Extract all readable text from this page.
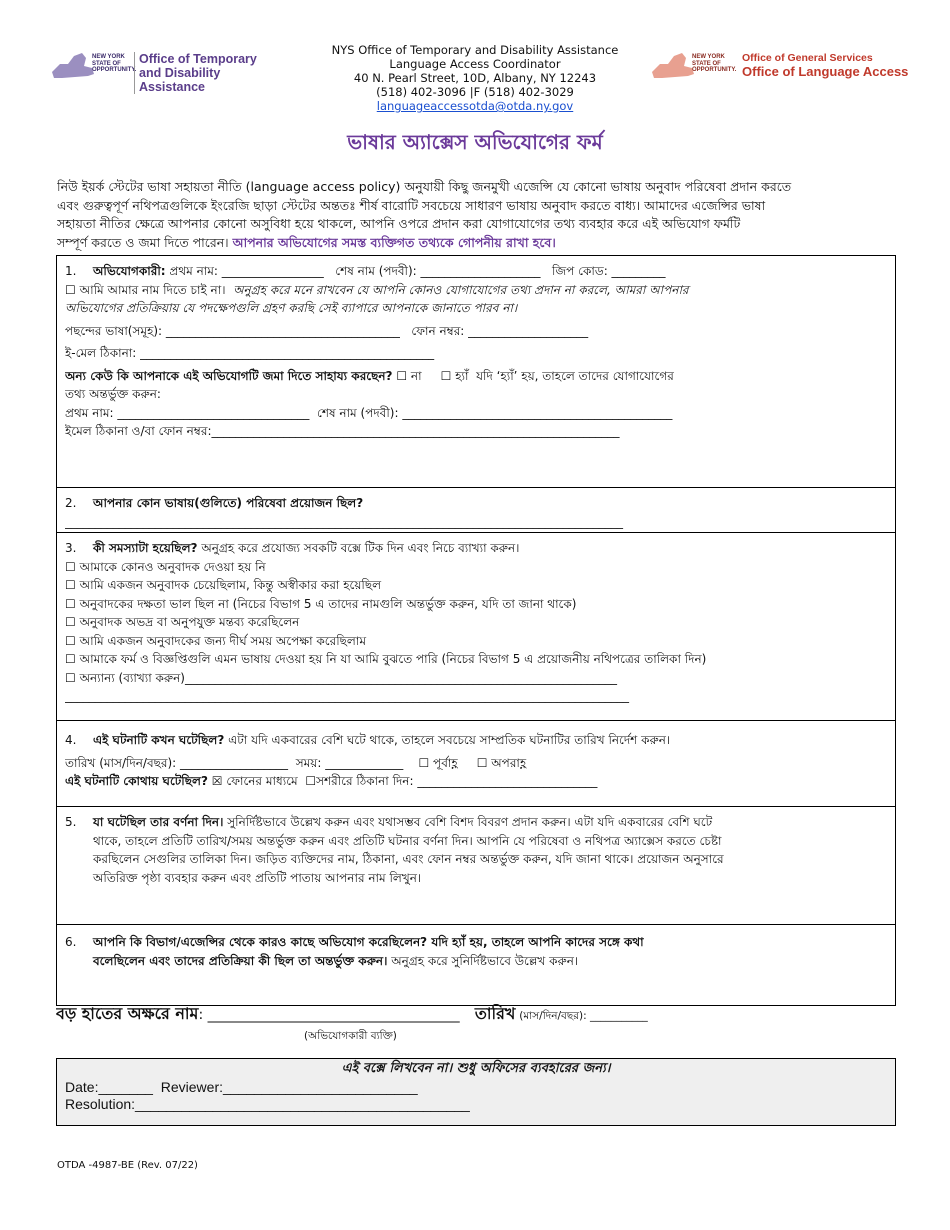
NEW YORK
STATE OF
OPPORTUNITY.
Office of Temporary
and Disability Assistance
NYS Office of Temporary and Disability Assistance
Language Access Coordinator
40 N. Pearl Street, 10D, Albany, NY 12243
(518) 402-3096 |F (518) 402-3029
languageaccessotda@otda.ny.gov
NEW YORK
STATE OF
OPPORTUNITY.
Office of General Services
Office of Language Access
ভাষার অ্যাক্সেস অভিযোগের ফর্ম
নিউ ইয়র্ক স্টেটের ভাষা সহায়তা নীতি (language access policy) অনুযায়ী কিছু জনমুখী এজেন্সি যে কোনো ভাষায় অনুবাদ পরিষেবা প্রদান করতে
এবং গুরুত্বপূর্ণ নথিপত্রগুলিকে ইংরেজি ছাড়া স্টেটের অন্ততঃ শীর্ষ বারোটি সবচেয়ে সাধারণ ভাষায় অনুবাদ করতে বাধ্য। আমাদের এজেন্সির ভাষা
সহায়তা নীতির ক্ষেত্রে আপনার কোনো অসুবিধা হয়ে থাকলে, আপনি ওপরে প্রদান করা যোগাযোগের তথ্য ব্যবহার করে এই অভিযোগ ফর্মটি
সম্পূর্ণ করতে ও জমা দিতে পারেন। আপনার অভিযোগের সমস্ত ব্যক্তিগত তথ্যকে গোপনীয় রাখা হবে।
1. অভিযোগকারী: প্রথম নাম: _________________ শেষ নাম (পদবী): ____________________ জিপ কোড: _________
☐ আমি আমার নাম দিতে চাই না। অনুগ্রহ করে মনে রাখবেন যে আপনি কোনও যোগাযোগের তথ্য প্রদান না করলে, আমরা আপনার
অভিযোগের প্রতিক্রিয়ায় যে পদক্ষেপগুলি গ্রহণ করছি সেই ব্যাপারে আপনাকে জানাতে পারব না।
পছন্দের ভাষা(সমূহ): _______________________________________ ফোন নম্বর: ____________________
ই-মেল ঠিকানা: _________________________________________________
অন্য কেউ কি আপনাকে এই অভিযোগটি জমা দিতে সাহায্য করছেন? ☐ না ☐ হ্যাঁ যদি ‘হ্যাঁ’ হয়, তাহলে তাদের যোগাযোগের
তথ্য অন্তর্ভুক্ত করুন:
প্রথম নাম: ________________________________ শেষ নাম (পদবী): _____________________________________________
ইমেল ঠিকানা ও/বা ফোন নম্বর:____________________________________________________________________
2. আপনার কোন ভাষায়(গুলিতে) পরিষেবা প্রয়োজন ছিল?
_____________________________________________________________________________________________
3. কী সমস্যাটা হয়েছিল? অনুগ্রহ করে প্রযোজ্য সবকটি বক্সে টিক দিন এবং নিচে ব্যাখ্যা করুন।
☐ আমাকে কোনও অনুবাদক দেওয়া হয় নি
☐ আমি একজন অনুবাদক চেয়েছিলাম, কিন্তু অস্বীকার করা হয়েছিল
☐ অনুবাদকের দক্ষতা ভাল ছিল না (নিচের বিভাগ 5 এ তাদের নামগুলি অন্তর্ভুক্ত করুন, যদি তা জানা থাকে)
☐ অনুবাদক অভদ্র বা অনুপযুক্ত মন্তব্য করেছিলেন
☐ আমি একজন অনুবাদকের জন্য দীর্ঘ সময় অপেক্ষা করেছিলাম
☐ আমাকে ফর্ম ও বিজ্ঞপ্তিগুলি এমন ভাষায় দেওয়া হয় নি যা আমি বুঝতে পারি (নিচের বিভাগ 5 এ প্রয়োজনীয় নথিপত্রের তালিকা দিন)
☐ অন্যান্য (ব্যাখ্যা করুন)________________________________________________________________________
______________________________________________________________________________________________
4. এই ঘটনাটি কখন ঘটেছিল? এটা যদি একবারের বেশি ঘটে থাকে, তাহলে সবচেয়ে সাম্প্রতিক ঘটনাটির তারিখ নির্দেশ করুন।
তারিখ (মাস/দিন/বছর): __________________ সময়: _____________ ☐ পূর্বাহ্ণ ☐ অপরাহ্ণ
এই ঘটনাটি কোথায় ঘটেছিল? ☒ ফোনের মাধ্যমে ☐সশরীরে ঠিকানা দিন: ______________________________
5. যা ঘটেছিল তার বর্ণনা দিন। সুনির্দিষ্টভাবে উল্লেখ করুন এবং যথাসম্ভব বেশি বিশদ বিবরণ প্রদান করুন। এটা যদি একবারের বেশি ঘটে
থাকে, তাহলে প্রতিটি তারিখ/সময় অন্তর্ভুক্ত করুন এবং প্রতিটি ঘটনার বর্ণনা দিন। আপনি যে পরিষেবা ও নথিপত্র অ্যাক্সেস করতে চেষ্টা
করছিলেন সেগুলির তালিকা দিন। জড়িত ব্যক্তিদের নাম, ঠিকানা, এবং ফোন নম্বর অন্তর্ভুক্ত করুন, যদি জানা থাকে। প্রয়োজন অনুসারে
অতিরিক্ত পৃষ্ঠা ব্যবহার করুন এবং প্রতিটি পাতায় আপনার নাম লিখুন।
6. আপনি কি বিভাগ/এজেন্সির থেকে কারও কাছে অভিযোগ করেছিলেন? যদি হ্যাঁ হয়, তাহলে আপনি কাদের সঙ্গে কথা
বলেছিলেন এবং তাদের প্রতিক্রিয়া কী ছিল তা অন্তর্ভুক্ত করুন। অনুগ্রহ করে সুনির্দিষ্টভাবে উল্লেখ করুন।
বড় হাতের অক্ষরে নাম: ____________________________________ তারিখ (মাস/দিন/বছর): ___________
(অভিযোগকারী ব্যক্তি)
এই বক্সে লিখবেন না। শুধু অফিসের ব্যবহারের জন্য।
Date:_______ Reviewer:_________________________
Resolution:___________________________________________
OTDA -4987-BE (Rev. 07/22)
